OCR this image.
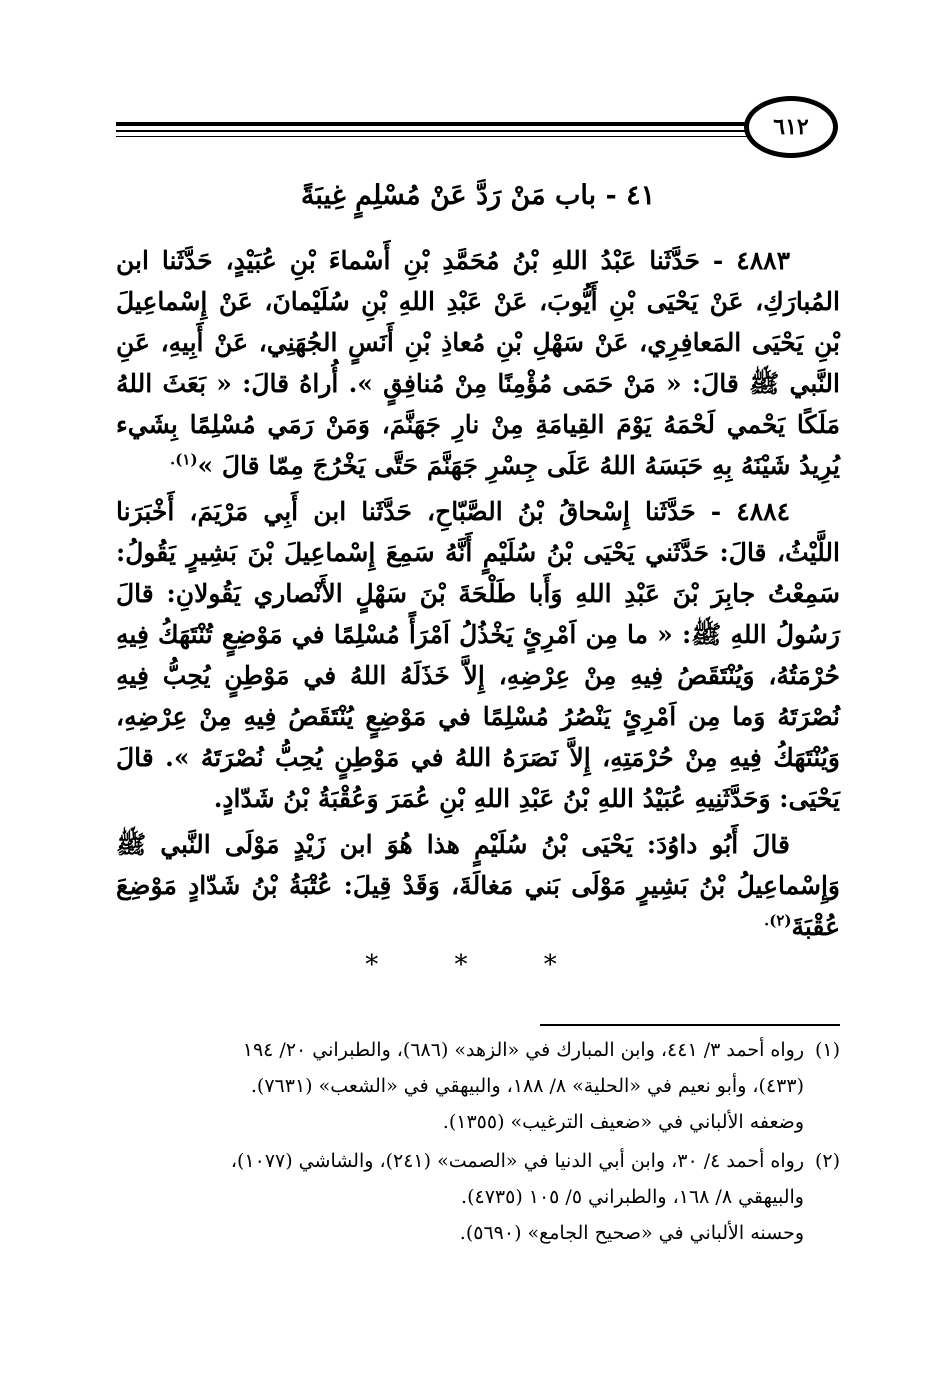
٦١٢
٤١ - باب مَنْ رَدَّ عَنْ مُسْلِمٍ غِيبَةً

٤٨٨٣ - حَدَّثَنا عَبْدُ اللهِ بْنُ مُحَمَّدِ بْنِ أَسْماءَ بْنِ عُبَيْدٍ، حَدَّثَنا ابن المُبارَكِ، عَنْ يَحْيَى بْنِ أَيُّوبَ، عَنْ عَبْدِ اللهِ بْنِ سُلَيْمانَ، عَنْ إِسْماعِيلَ بْنِ يَحْيَى المَعافِرِي، عَنْ سَهْلِ بْنِ مُعاذِ بْنِ أَنَسٍ الجُهَنِي، عَنْ أَبِيهِ، عَنِ النَّبي ﷺ قالَ: « مَنْ حَمَى مُؤْمِنًا مِنْ مُنافِقٍ ». أُراهُ قالَ: « بَعَثَ اللهُ مَلَكًا يَحْمي لَحْمَهُ يَوْمَ القِيامَةِ مِنْ نارِ جَهَنَّمَ، وَمَنْ رَمَي مُسْلِمًا بِشَيء يُرِيدُ شَيْنَهُ بِهِ حَبَسَهُ اللهُ عَلَى جِسْرِ جَهَنَّمَ حَتَّى يَخْرُجَ مِمّا قالَ »$^{(١).}$

٤٨٨٤ - حَدَّثَنا إِسْحاقُ بْنُ الصَّبّاحِ، حَدَّثَنا ابن أَبِي مَرْيَمَ، أَخْبَرَنا اللَّيْثُ، قالَ: حَدَّثَني يَحْيَى بْنُ سُلَيْمٍ أَنَّهُ سَمِعَ إِسْماعِيلَ بْنَ بَشِيرٍ يَقُولُ: سَمِعْتُ جابِرَ بْنَ عَبْدِ اللهِ وَأَبا طَلْحَةَ بْنَ سَهْلٍ الأَنْصاري يَقُولانِ: قالَ رَسُولُ اللهِ ﷺ: « ما مِن اَمْرِئٍ يَخْذُلُ اَمْرَأً مُسْلِمًا في مَوْضِعٍ تُنْتَهَكُ فِيهِ حُرْمَتُهُ، وَيُنْتَقَصُ فِيهِ مِنْ عِرْضِهِ، إِلاَّ خَذَلَهُ اللهُ في مَوْطِنٍ يُحِبُّ فِيهِ نُصْرَتَهُ وَما مِن اَمْرِئٍ يَنْصُرُ مُسْلِمًا في مَوْضِعٍ يُنْتَقَصُ فِيهِ مِنْ عِرْضِهِ، وَيُنْتَهَكُ فِيهِ مِنْ حُرْمَتِهِ، إِلاَّ نَصَرَهُ اللهُ في مَوْطِنٍ يُحِبُّ نُصْرَتَهُ ». قالَ يَحْيَى: وَحَدَّثَنِيهِ عُبَيْدُ اللهِ بْنُ عَبْدِ اللهِ بْنِ عُمَرَ وَعُقْبَةُ بْنُ شَدّادٍ.

قالَ أَبُو داوُدَ: يَحْيَى بْنُ سُلَيْمٍ هذا هُوَ ابن زَيْدٍ مَوْلَى النَّبي ﷺ وَإِسْماعِيلُ بْنُ بَشِيرٍ مَوْلَى بَني مَغالَةَ، وَقَدْ قِيلَ: عُتْبَةُ بْنُ شَدّادٍ مَوْضِعَ عُقْبَةَ$^{(٢).}$

* * *
(١)
رواه أحمد ٣/ ٤٤١، وابن المبارك في «الزهد» (٦٨٦)، والطبراني ٢٠/ ١٩٤
(٤٣٣)، وأبو نعيم في «الحلية» ٨/ ١٨٨، والبيهقي في «الشعب» (٧٦٣١).
وضعفه الألباني في «ضعيف الترغيب» (١٣٥٥).
(٢)
رواه أحمد ٤/ ٣٠، وابن أبي الدنيا في «الصمت» (٢٤١)، والشاشي (١٠٧٧)،
والبيهقي ٨/ ١٦٨، والطبراني ٥/ ١٠٥ (٤٧٣٥).
وحسنه الألباني في «صحيح الجامع» (٥٦٩٠).
